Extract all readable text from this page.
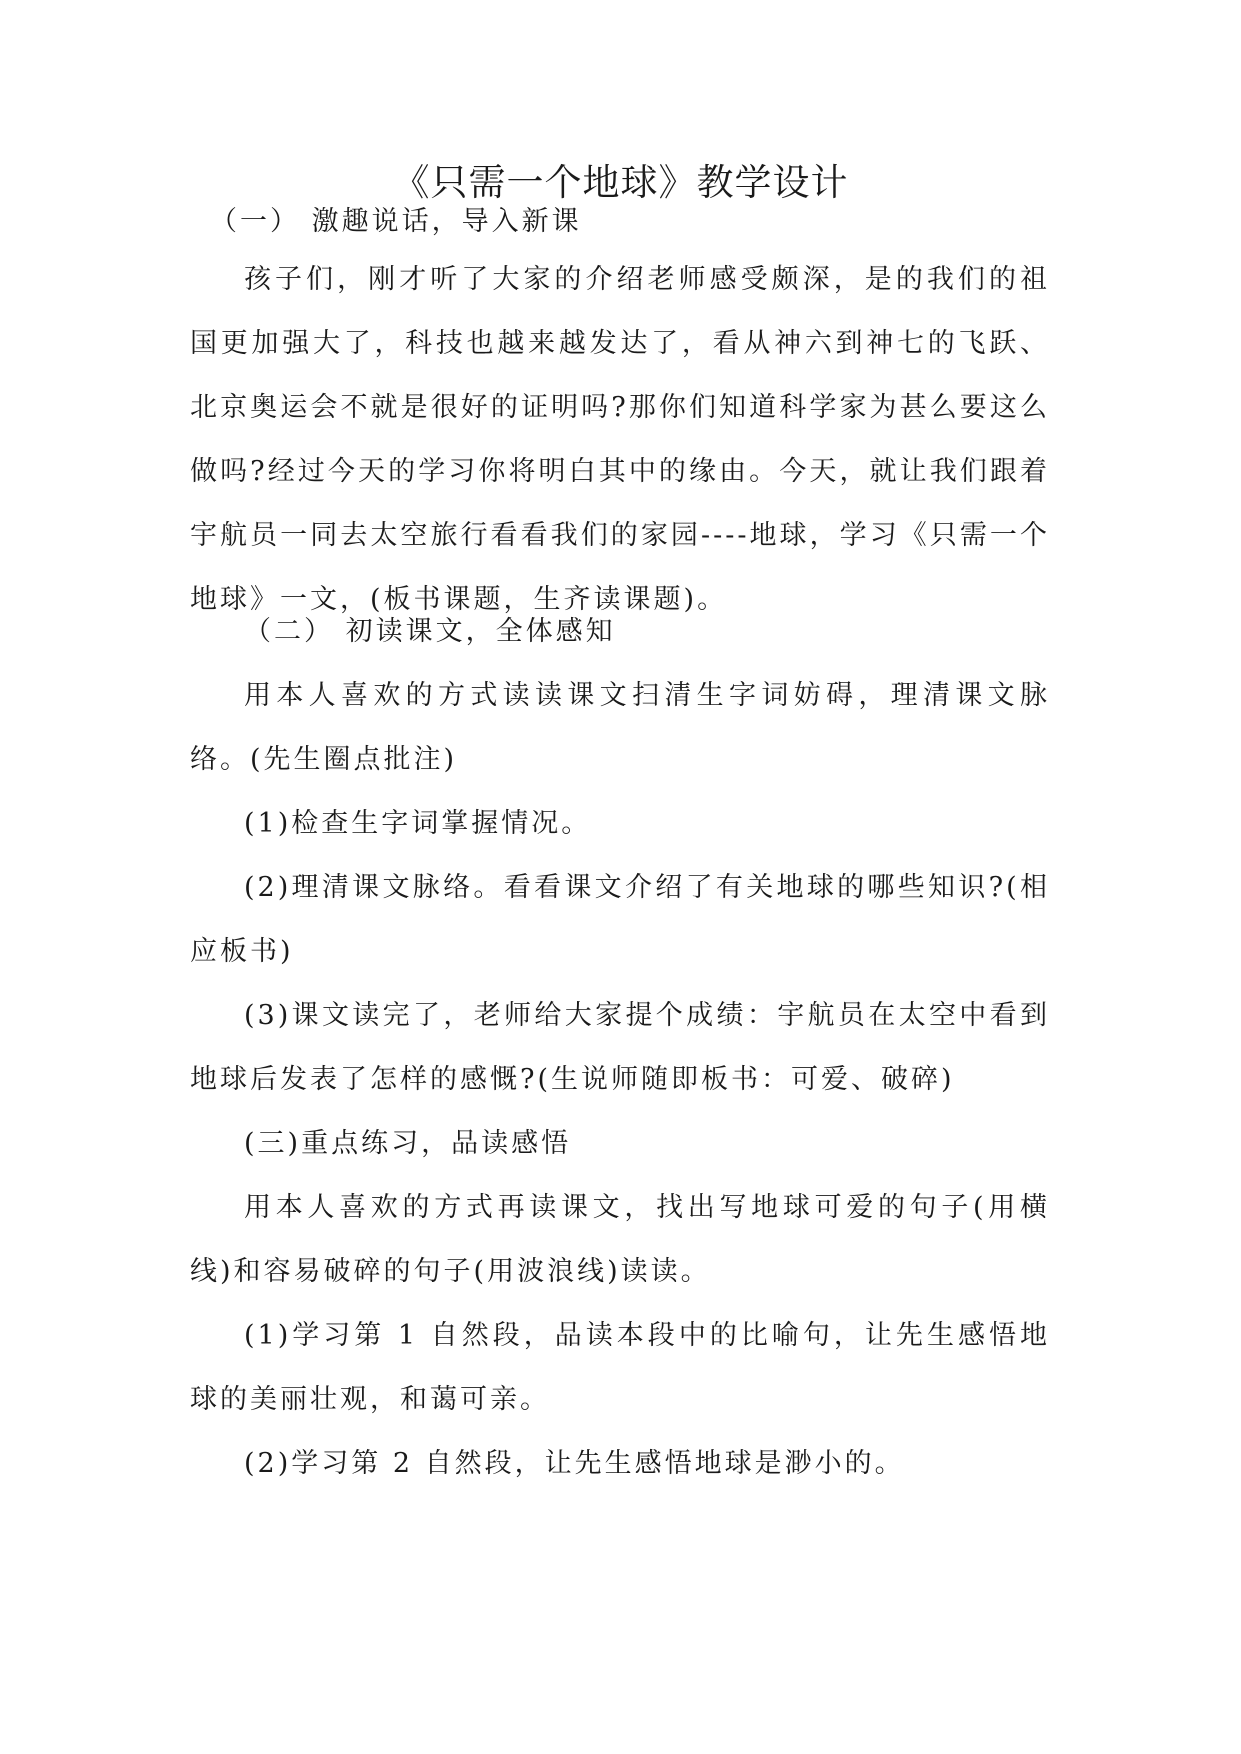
《只需一个地球》教学设计
（一） 激趣说话，导入新课
孩子们，刚才听了大家的介绍老师感受颇深，是的我们的祖国更加强大了，科技也越来越发达了，看从神六到神七的飞跃、北京奥运会不就是很好的证明吗?那你们知道科学家为甚么要这么做吗?经过今天的学习你将明白其中的缘由。今天，就让我们跟着宇航员一同去太空旅行看看我们的家园----地球，学习《只需一个地球》一文，(板书课题，生齐读课题)。
（二） 初读课文，全体感知
用本人喜欢的方式读读课文扫清生字词妨碍，理清课文脉络。(先生圈点批注)
(1)检查生字词掌握情况。
(2)理清课文脉络。看看课文介绍了有关地球的哪些知识?(相应板书)
(3)课文读完了，老师给大家提个成绩：宇航员在太空中看到地球后发表了怎样的感慨?(生说师随即板书：可爱、破碎)
(三)重点练习，品读感悟
用本人喜欢的方式再读课文，找出写地球可爱的句子(用横线)和容易破碎的句子(用波浪线)读读。
(1)学习第 1 自然段，品读本段中的比喻句，让先生感悟地球的美丽壮观，和蔼可亲。
(2)学习第 2 自然段，让先生感悟地球是渺小的。
